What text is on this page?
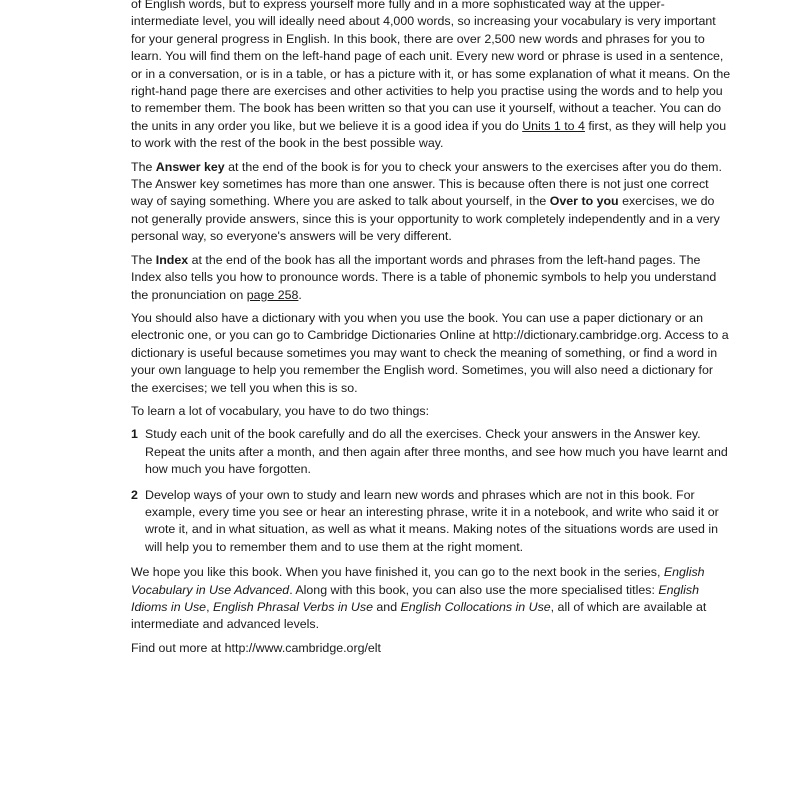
of English words, but to express yourself more fully and in a more sophisticated way at the upper-intermediate level, you will ideally need about 4,000 words, so increasing your vocabulary is very important for your general progress in English. In this book, there are over 2,500 new words and phrases for you to learn. You will find them on the left-hand page of each unit. Every new word or phrase is used in a sentence, or in a conversation, or is in a table, or has a picture with it, or has some explanation of what it means. On the right-hand page there are exercises and other activities to help you practise using the words and to help you to remember them. The book has been written so that you can use it yourself, without a teacher. You can do the units in any order you like, but we believe it is a good idea if you do Units 1 to 4 first, as they will help you to work with the rest of the book in the best possible way.

The Answer key at the end of the book is for you to check your answers to the exercises after you do them. The Answer key sometimes has more than one answer. This is because often there is not just one correct way of saying something. Where you are asked to talk about yourself, in the Over to you exercises, we do not generally provide answers, since this is your opportunity to work completely independently and in a very personal way, so everyone's answers will be very different.

The Index at the end of the book has all the important words and phrases from the left-hand pages. The Index also tells you how to pronounce words. There is a table of phonemic symbols to help you understand the pronunciation on page 258.

You should also have a dictionary with you when you use the book. You can use a paper dictionary or an electronic one, or you can go to Cambridge Dictionaries Online at http://dictionary.cambridge.org. Access to a dictionary is useful because sometimes you may want to check the meaning of something, or find a word in your own language to help you remember the English word. Sometimes, you will also need a dictionary for the exercises; we tell you when this is so.

To learn a lot of vocabulary, you have to do two things:

1 Study each unit of the book carefully and do all the exercises. Check your answers in the Answer key. Repeat the units after a month, and then again after three months, and see how much you have learnt and how much you have forgotten.
2 Develop ways of your own to study and learn new words and phrases which are not in this book. For example, every time you see or hear an interesting phrase, write it in a notebook, and write who said it or wrote it, and in what situation, as well as what it means. Making notes of the situations words are used in will help you to remember them and to use them at the right moment.

We hope you like this book. When you have finished it, you can go to the next book in the series, English Vocabulary in Use Advanced. Along with this book, you can also use the more specialised titles: English Idioms in Use, English Phrasal Verbs in Use and English Collocations in Use, all of which are available at intermediate and advanced levels.

Find out more at http://www.cambridge.org/elt
